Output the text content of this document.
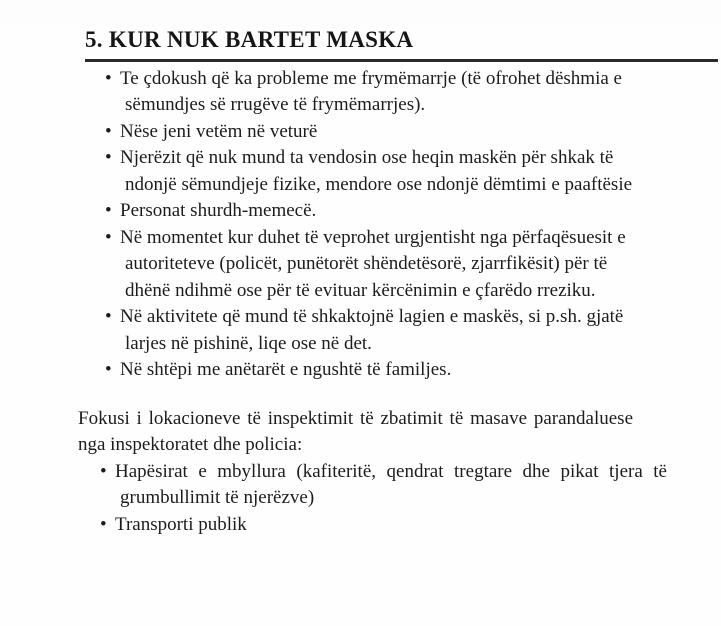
5. KUR NUK BARTET MASKA
• Te çdokush që ka probleme me frymëmarrje (të ofrohet dëshmia e sëmundjes së rrugëve të frymëmarrjes).
• Nëse jeni vetëm në veturë
• Njerëzit që nuk mund ta vendosin ose heqin maskën për shkak të ndonjë sëmundjeje fizike, mendore ose ndonjë dëmtimi e paaftësie
• Personat shurdh-memecë.
• Në momentet kur duhet të veprohet urgjentisht nga përfaqësuesit e autoriteteve (policët, punëtorët shëndetësorë, zjarrfikësit) për të dhënë ndihmë ose për të evituar kërcënimin e çfarëdo rreziku.
• Në aktivitete që mund të shkaktojnë lagien e maskës, si p.sh. gjatë larjes në pishinë, liqe ose në det.
• Në shtëpi me anëtarët e ngushtë të familjes.

Fokusi i lokacioneve të inspektimit të zbatimit të masave parandaluese nga inspektoratet dhe policia:

• Hapësirat e mbyllura (kafiteritë, qendrat tregtare dhe pikat tjera të grumbullimit të njerëzve)
• Transporti publik
